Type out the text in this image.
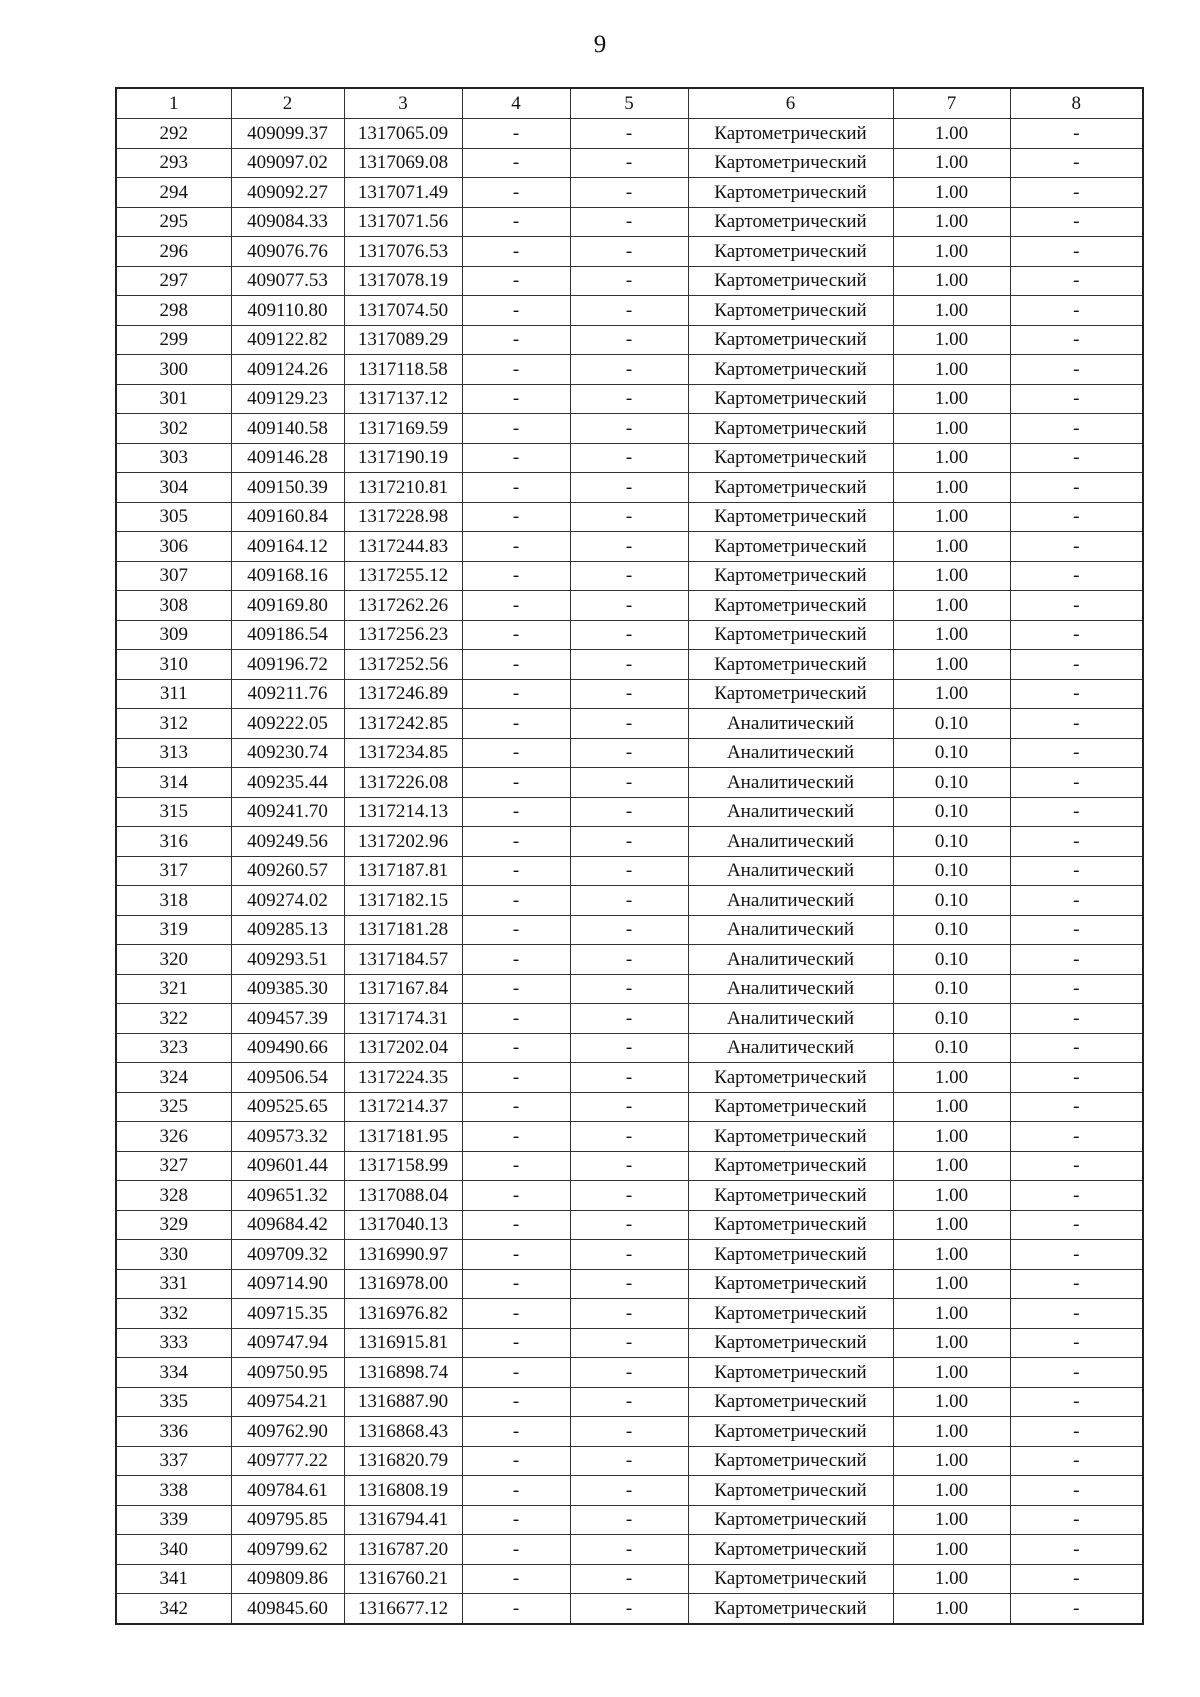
9
1	2	3	4	5	6	7	8
292	409099.37	1317065.09	-	-	Картометрический	1.00	-
293	409097.02	1317069.08	-	-	Картометрический	1.00	-
294	409092.27	1317071.49	-	-	Картометрический	1.00	-
295	409084.33	1317071.56	-	-	Картометрический	1.00	-
296	409076.76	1317076.53	-	-	Картометрический	1.00	-
297	409077.53	1317078.19	-	-	Картометрический	1.00	-
298	409110.80	1317074.50	-	-	Картометрический	1.00	-
299	409122.82	1317089.29	-	-	Картометрический	1.00	-
300	409124.26	1317118.58	-	-	Картометрический	1.00	-
301	409129.23	1317137.12	-	-	Картометрический	1.00	-
302	409140.58	1317169.59	-	-	Картометрический	1.00	-
303	409146.28	1317190.19	-	-	Картометрический	1.00	-
304	409150.39	1317210.81	-	-	Картометрический	1.00	-
305	409160.84	1317228.98	-	-	Картометрический	1.00	-
306	409164.12	1317244.83	-	-	Картометрический	1.00	-
307	409168.16	1317255.12	-	-	Картометрический	1.00	-
308	409169.80	1317262.26	-	-	Картометрический	1.00	-
309	409186.54	1317256.23	-	-	Картометрический	1.00	-
310	409196.72	1317252.56	-	-	Картометрический	1.00	-
311	409211.76	1317246.89	-	-	Картометрический	1.00	-
312	409222.05	1317242.85	-	-	Аналитический	0.10	-
313	409230.74	1317234.85	-	-	Аналитический	0.10	-
314	409235.44	1317226.08	-	-	Аналитический	0.10	-
315	409241.70	1317214.13	-	-	Аналитический	0.10	-
316	409249.56	1317202.96	-	-	Аналитический	0.10	-
317	409260.57	1317187.81	-	-	Аналитический	0.10	-
318	409274.02	1317182.15	-	-	Аналитический	0.10	-
319	409285.13	1317181.28	-	-	Аналитический	0.10	-
320	409293.51	1317184.57	-	-	Аналитический	0.10	-
321	409385.30	1317167.84	-	-	Аналитический	0.10	-
322	409457.39	1317174.31	-	-	Аналитический	0.10	-
323	409490.66	1317202.04	-	-	Аналитический	0.10	-
324	409506.54	1317224.35	-	-	Картометрический	1.00	-
325	409525.65	1317214.37	-	-	Картометрический	1.00	-
326	409573.32	1317181.95	-	-	Картометрический	1.00	-
327	409601.44	1317158.99	-	-	Картометрический	1.00	-
328	409651.32	1317088.04	-	-	Картометрический	1.00	-
329	409684.42	1317040.13	-	-	Картометрический	1.00	-
330	409709.32	1316990.97	-	-	Картометрический	1.00	-
331	409714.90	1316978.00	-	-	Картометрический	1.00	-
332	409715.35	1316976.82	-	-	Картометрический	1.00	-
333	409747.94	1316915.81	-	-	Картометрический	1.00	-
334	409750.95	1316898.74	-	-	Картометрический	1.00	-
335	409754.21	1316887.90	-	-	Картометрический	1.00	-
336	409762.90	1316868.43	-	-	Картометрический	1.00	-
337	409777.22	1316820.79	-	-	Картометрический	1.00	-
338	409784.61	1316808.19	-	-	Картометрический	1.00	-
339	409795.85	1316794.41	-	-	Картометрический	1.00	-
340	409799.62	1316787.20	-	-	Картометрический	1.00	-
341	409809.86	1316760.21	-	-	Картометрический	1.00	-
342	409845.60	1316677.12	-	-	Картометрический	1.00	-
